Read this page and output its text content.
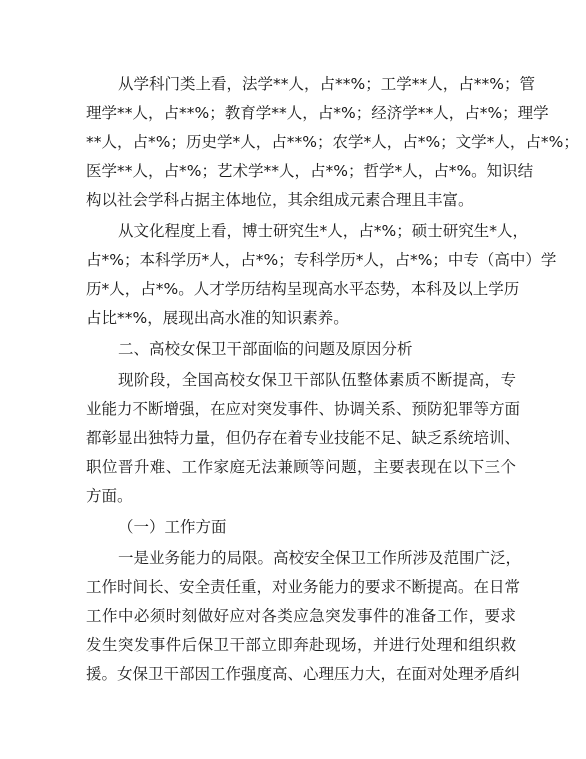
从学科门类上看，法学**人，占**%；工学**人，占**%；管
理学**人，占**%；教育学**人，占*%；经济学**人，占*%；理学
**人，占*%；历史学*人，占**%；农学*人，占*%；文学*人，占*%；
医学**人，占*%；艺术学**人，占*%；哲学*人，占*%。知识结
构以社会学科占据主体地位，其余组成元素合理且丰富。
从文化程度上看，博士研究生*人，占*%；硕士研究生*人，
占*%；本科学历*人，占*%；专科学历*人，占*%；中专（高中）学
历*人，占*%。人才学历结构呈现高水平态势，本科及以上学历
占比**%，展现出高水准的知识素养。
二、高校女保卫干部面临的问题及原因分析
现阶段，全国高校女保卫干部队伍整体素质不断提高，专
业能力不断增强，在应对突发事件、协调关系、预防犯罪等方面
都彰显出独特力量，但仍存在着专业技能不足、缺乏系统培训、
职位晋升难、工作家庭无法兼顾等问题，主要表现在以下三个
方面。
（一）工作方面
一是业务能力的局限。高校安全保卫工作所涉及范围广泛，
工作时间长、安全责任重，对业务能力的要求不断提高。在日常
工作中必须时刻做好应对各类应急突发事件的准备工作，要求
发生突发事件后保卫干部立即奔赴现场，并进行处理和组织救
援。女保卫干部因工作强度高、心理压力大，在面对处理矛盾纠
